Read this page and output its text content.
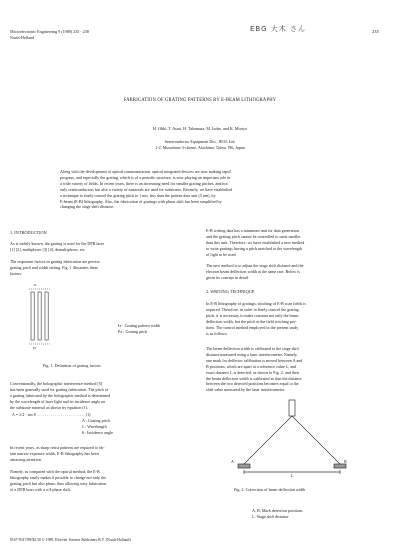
Microelectronic Engineering 9 (1989) 235 - 238
North-Holland
235
EBG 大木 さん
FABRICATION OF GRATING PATTERNS BY E-BEAM LITHOGRAPHY
H. Ohki, T. Asari, H. Takemura, M. Isobe, and K. Moriya
Semiconductor Equipment Div., JEOL Ltd.
1-2, Musashino 3-chome, Akishima, Tokyo 196, Japan
Along with the development of optical communication, optical integrated devices are now making rapid
progress, and especially the grating, which is of a periodic structure, is now playing an important role in
a wide variety of fields. In recent years, there is an increasing need for smaller grating pitches, and not
only semiconductors but also a variety of materials are used for substrates. Recently, we have established
a technique to finely control the grating pitch to 1 nm, less than the pattern data unit (5 nm), by
E-beam (E-B) lithography. Also, the fabrication of gratings with phase shift has been simplified by
changing the stage shift distance.
1. INTRODUCTION
As is widely known, the grating is used for the DFB laser
[1] [2], multiplexer [3] [4], demultiplexer, etc.
The important factors in grating fabrication are precise
grating pitch and width setting. Fig. 1 illustrates these
factors.
Ix
Px
Ix : Grating pattern width
Px : Grating pitch
Fig. 1. Definition of grating factors
Conventionally, the holographic interference method [5]
has been generally used for grating fabrication. The pitch of
a grating fabricated by the holographic method is determined
by the wavelength of laser light and its incidence angle on
the substrate material as shown by equation (1).
Λ = λ/2 · sin θ . . . . . . . . . . . . . . . . . . . . . . . . (1)
Λ : Grating pitch
λ : Wavelength
θ : Incidence angle
In recent years, as sharp resist patterns are required to ob-
tain narrow exposure width, E-B lithography has been
attracting attention.
Namely, as compared with the optical method, the E-B
lithography easily makes it possible to change not only the
grating pitch but also phase, thus allowing easy fabrication
of a DFB laser with a π/4 phase shift.
E-B writing data has a minimum unit for data generation
and the grating pitch cannot be controlled to units smaller
than this unit. Therefore, we have established a new method
to write gratings having a pitch matched to the wavelength
of light to be used.
The new method is to adjust the stage shift distance and the
electron beam deflection width at the same rate. Below is
given its concept in detail.
2. WRITING TECHNIQUE
In E-B lithography of gratings, stitching of E-B scan fields is
required. Therefore, in order to finely control the grating
pitch, it is necessary to make constant not only the beam
deflection width, but the pitch at the field stitching por-
tions. The control method employed in the present study
is as follows:
The beam deflection width is calibrated to the stage shift
distance measured using a laser interferometer. Namely,
one mark for deflector calibration is moved between A and
B positions, which are apart at a reference value L, and
exact distance L is detected, as shown in Fig. 2, and then
the beam deflection width is calibrated so that the distance
between the two detected positions becomes equal to the
shift value measured by the laser interferometer.
A	B
L
Fig. 2. Correction of beam deflection width
A, B: Mark detection positions
L: Stage shift distance
0167-9317/89/$3.50 © 1989, Elsevier Science Publishers B.V. (North-Holland)
